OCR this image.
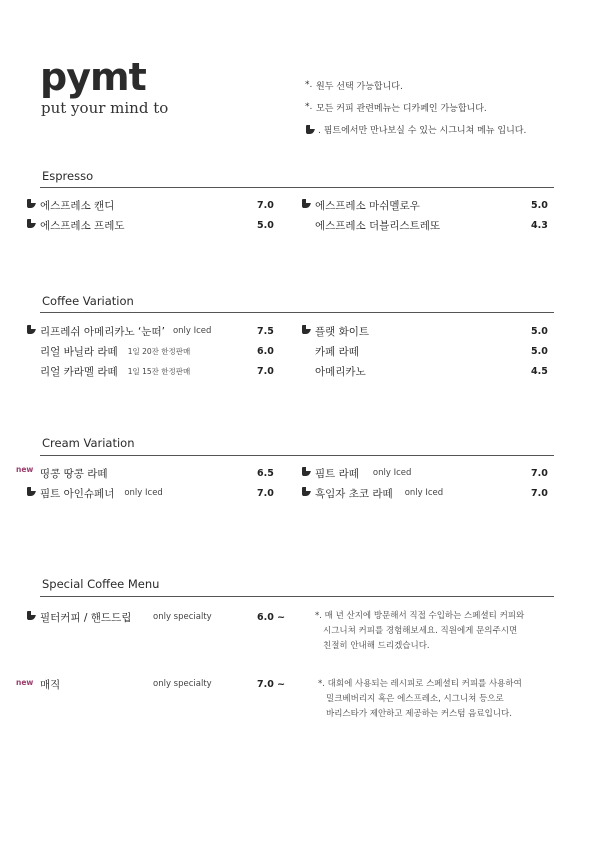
pymt
put your mind to
*. 원두 선택 가능합니다.
*. 모든 커피 관련메뉴는 디카페인 가능합니다.
. 핌트에서만 만나보실 수 있는 시그니쳐 메뉴 입니다.
Espresso
에스프레소 캔디	7.0
에스프레소 프레도	5.0
에스프레소 마쉬멜로우	5.0
에스프레소 더블리스트레또	4.3
Coffee Variation
리프레쉬 아메리카노 ‘눈떠’ only Iced	7.5
리얼 바닐라 라떼 1일 20잔 한정판매	6.0
리얼 카라멜 라떼 1일 15잔 한정판매	7.0
플랫 화이트	5.0
카페 라떼	5.0
아메리카노	4.5
Cream Variation
new 띵콩 땅콩 라떼	6.5
핌트 아인슈페너 only Iced	7.0
핌트 라떼 only Iced	7.0
흑임자 초코 라떼 only Iced	7.0
Special Coffee Menu
필터커피 / 핸드드립	only specialty	6.0 ~	*. 매 년 산지에 방문해서 직접 수입하는 스페셜티 커피와
시그니쳐 커피를 경험해보세요. 직원에게 문의주시면
친절히 안내해 드리겠습니다.
new 매직	only specialty	7.0 ~	*. 대회에 사용되는 레시피로 스페셜티 커피를 사용하여
밀크베버리지 혹은 에스프레소, 시그니쳐 등으로
바리스타가 제안하고 제공하는 커스텀 음료입니다.
